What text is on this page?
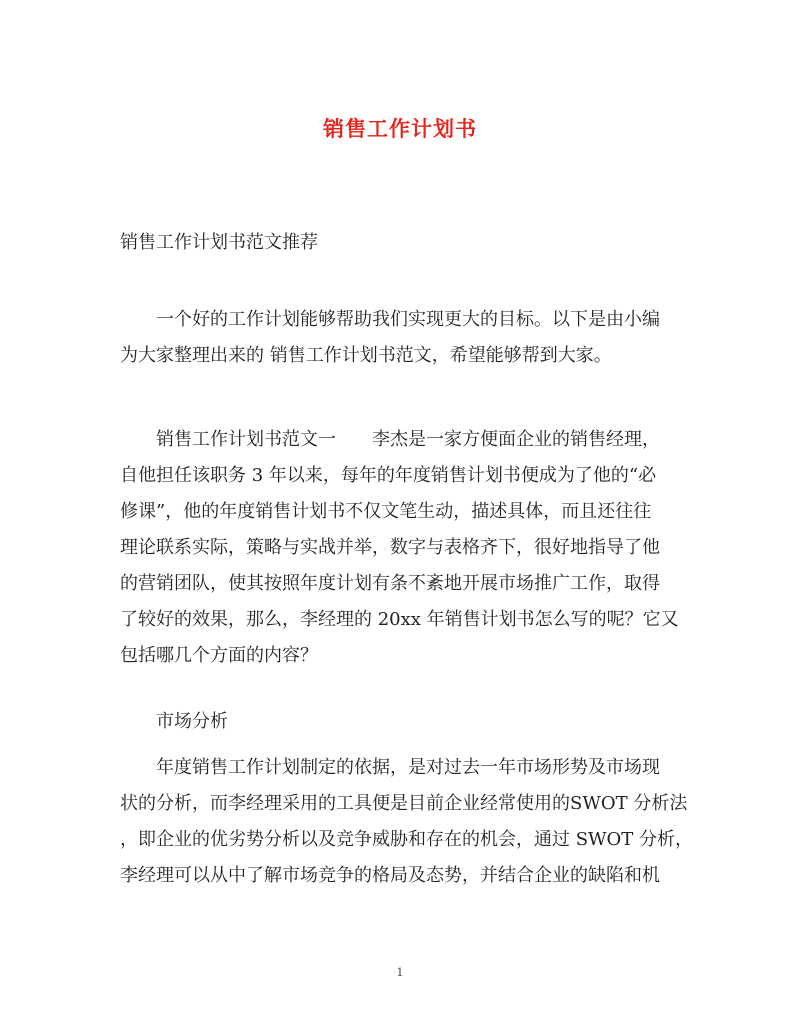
销售工作计划书
销售工作计划书范文推荐
一个好的工作计划能够帮助我们实现更大的目标。以下是由小编
为大家整理出来的 销售工作计划书范文，希望能够帮到大家。
销售工作计划书范文一 李杰是一家方便面企业的销售经理，
自他担任该职务 3 年以来，每年的年度销售计划书便成为了他的“必
修课”，他的年度销售计划书不仅文笔生动，描述具体，而且还往往
理论联系实际，策略与实战并举，数字与表格齐下，很好地指导了他
的营销团队，使其按照年度计划有条不紊地开展市场推广工作，取得
了较好的效果，那么，李经理的 20xx 年销售计划书怎么写的呢？它又
包括哪几个方面的内容？
市场分析
年度销售工作计划制定的依据，是对过去一年市场形势及市场现
状的分析，而李经理采用的工具便是目前企业经常使用的SWOT 分析法
，即企业的优劣势分析以及竞争威胁和存在的机会，通过 SWOT 分析，
李经理可以从中了解市场竞争的格局及态势，并结合企业的缺陷和机
1
